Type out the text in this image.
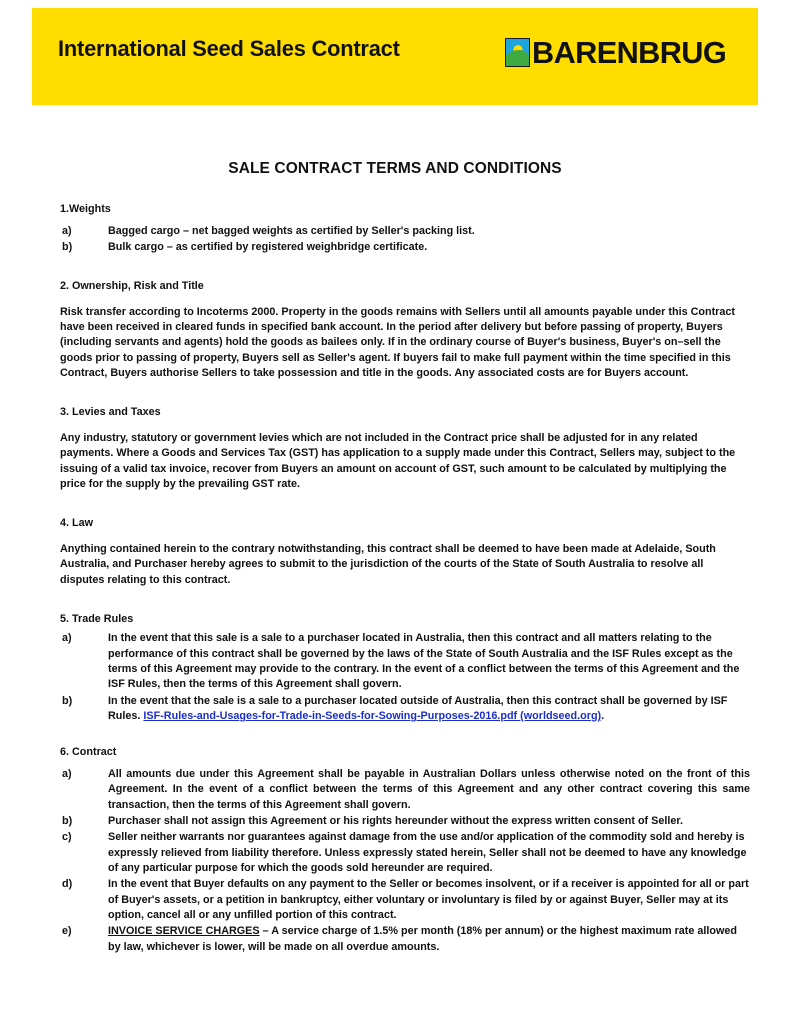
International Seed Sales Contract	BARENBRUG
SALE CONTRACT TERMS AND CONDITIONS
1.Weights
a)	Bagged cargo – net bagged weights as certified by Seller's packing list.
b)	Bulk cargo – as certified by registered weighbridge certificate.
2. Ownership, Risk and Title

Risk transfer according to Incoterms 2000. Property in the goods remains with Sellers until all amounts payable under this Contract have been received in cleared funds in specified bank account. In the period after delivery but before passing of property, Buyers (including servants and agents) hold the goods as bailees only. If in the ordinary course of Buyer's business, Buyer's on–sell the goods prior to passing of property, Buyers sell as Seller's agent. If buyers fail to make full payment within the time specified in this Contract, Buyers authorise Sellers to take possession and title in the goods. Any associated costs are for Buyers account.

3. Levies and Taxes

Any industry, statutory or government levies which are not included in the Contract price shall be adjusted for in any related payments. Where a Goods and Services Tax (GST) has application to a supply made under this Contract, Sellers may, subject to the issuing of a valid tax invoice, recover from Buyers an amount on account of GST, such amount to be calculated by multiplying the price for the supply by the prevailing GST rate.

4. Law

Anything contained herein to the contrary notwithstanding, this contract shall be deemed to have been made at Adelaide, South Australia, and Purchaser hereby agrees to submit to the jurisdiction of the courts of the State of South Australia to resolve all disputes relating to this contract.

5. Trade Rules
a)	In the event that this sale is a sale to a purchaser located in Australia, then this contract and all matters relating to the performance of this contract shall be governed by the laws of the State of South Australia and the ISF Rules except as the terms of this Agreement may provide to the contrary. In the event of a conflict between the terms of this Agreement and the ISF Rules, then the terms of this Agreement shall govern.
b)	In the event that the sale is a sale to a purchaser located outside of Australia, then this contract shall be governed by ISF Rules. ISF-Rules-and-Usages-for-Trade-in-Seeds-for-Sowing-Purposes-2016.pdf (worldseed.org).
6. Contract
a)	All amounts due under this Agreement shall be payable in Australian Dollars unless otherwise noted on the front of this Agreement. In the event of a conflict between the terms of this Agreement and any other contract covering this same transaction, then the terms of this Agreement shall govern.
b)	Purchaser shall not assign this Agreement or his rights hereunder without the express written consent of Seller.
c)	Seller neither warrants nor guarantees against damage from the use and/or application of the commodity sold and hereby is expressly relieved from liability therefore. Unless expressly stated herein, Seller shall not be deemed to have any knowledge of any particular purpose for which the goods sold hereunder are required.
d)	In the event that Buyer defaults on any payment to the Seller or becomes insolvent, or if a receiver is appointed for all or part of Buyer's assets, or a petition in bankruptcy, either voluntary or involuntary is filed by or against Buyer, Seller may at its option, cancel all or any unfilled portion of this contract.
e)	INVOICE SERVICE CHARGES – A service charge of 1.5% per month (18% per annum) or the highest maximum rate allowed by law, whichever is lower, will be made on all overdue amounts.
